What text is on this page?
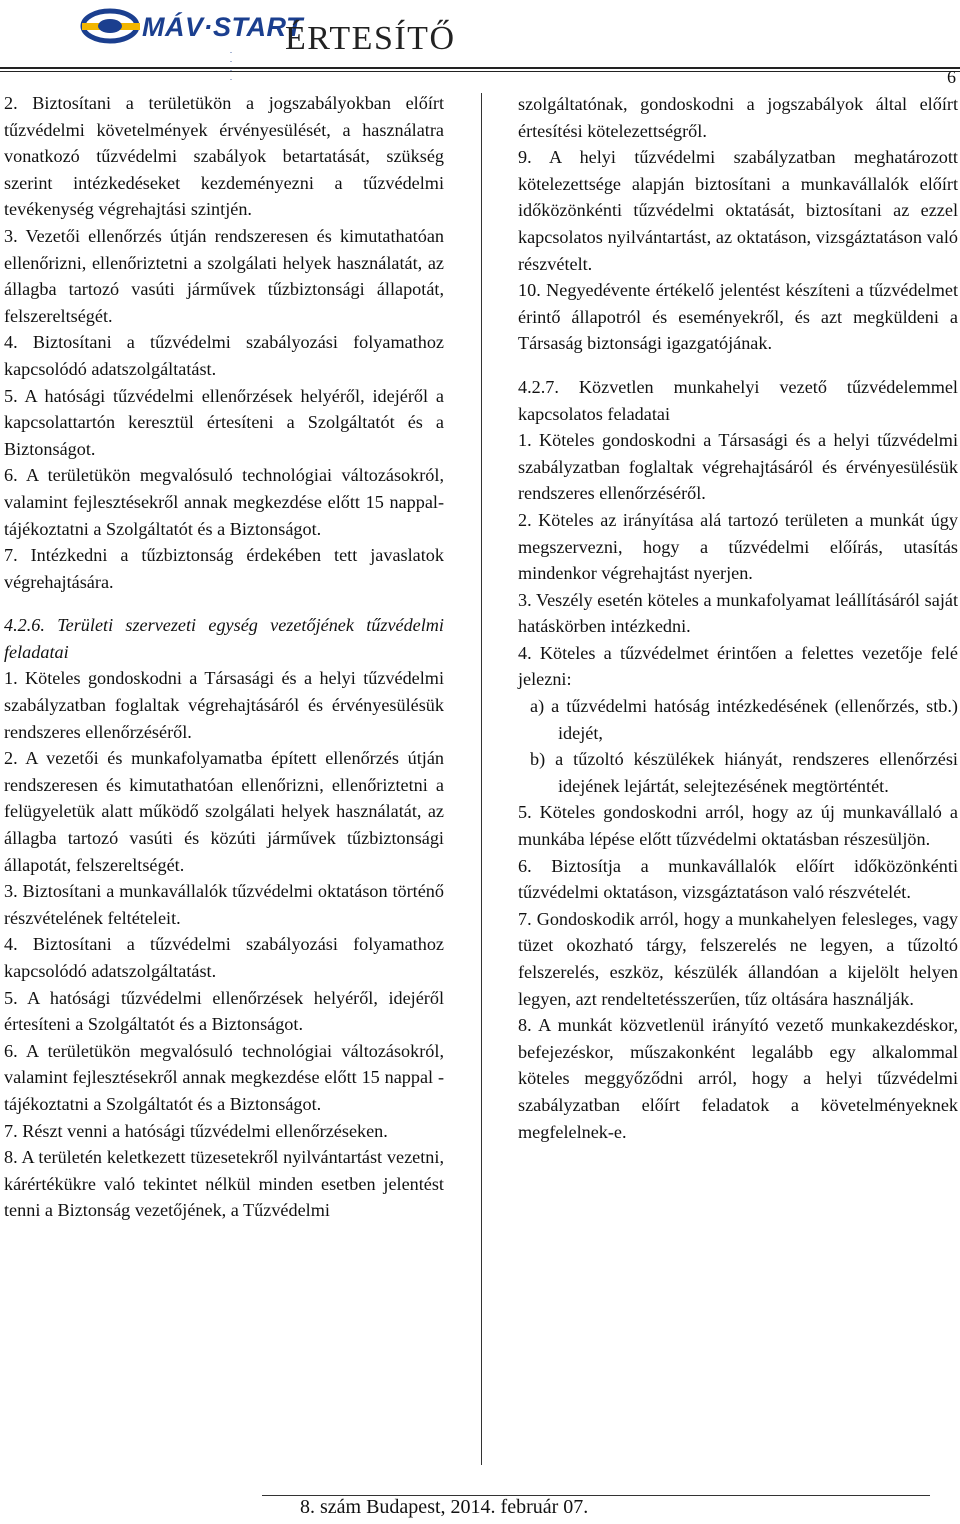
MÁV·START
. . . .
ÉRTESÍTŐ
6

2. Biztosítani a területükön a jogszabályokban előírt tűzvédelmi követelmények érvényesülését, a használatra vonatkozó tűzvédelmi szabályok betartatását, szükség szerint intézkedéseket kezdeményezni a tűzvédelmi tevékenység végrehajtási szintjén.

3. Vezetői ellenőrzés útján rendszeresen és kimutathatóan ellenőrizni, ellenőriztetni a szolgálati helyek használatát, az állagba tartozó vasúti járművek tűzbiztonsági állapotát, felszereltségét.

4. Biztosítani a tűzvédelmi szabályozási folyamathoz kapcsolódó adatszolgáltatást.

5. A hatósági tűzvédelmi ellenőrzések helyéről, idejéről a kapcsolattartón keresztül értesíteni a Szolgáltatót és a Biztonságot.

6. A területükön megvalósuló technológiai változásokról, valamint fejlesztésekről annak megkezdése előtt 15 nappal- tájékoztatni a Szolgáltatót és a Biztonságot.

7. Intézkedni a tűzbiztonság érdekében tett javaslatok végrehajtására.

4.2.6. Területi szervezeti egység vezetőjének tűzvédelmi feladatai

1. Köteles gondoskodni a Társasági és a helyi tűzvédelmi szabályzatban foglaltak végrehajtásáról és érvényesülésük rendszeres ellenőrzéséről.

2. A vezetői és munkafolyamatba épített ellenőrzés útján rendszeresen és kimutathatóan ellenőrizni, ellenőriztetni a felügyeletük alatt működő szolgálati helyek használatát, az állagba tartozó vasúti és közúti járművek tűzbiztonsági állapotát, felszereltségét.

3. Biztosítani a munkavállalók tűzvédelmi oktatáson történő részvételének feltételeit.

4. Biztosítani a tűzvédelmi szabályozási folyamathoz kapcsolódó adatszolgáltatást.

5. A hatósági tűzvédelmi ellenőrzések helyéről, idejéről értesíteni a Szolgáltatót és a Biztonságot.

6. A területükön megvalósuló technológiai változásokról, valamint fejlesztésekről annak megkezdése előtt 15 nappal - tájékoztatni a Szolgáltatót és a Biztonságot.

7. Részt venni a hatósági tűzvédelmi ellenőrzéseken.

8. A területén keletkezett tüzesetekről nyilvántartást vezetni, kárértékükre való tekintet nélkül minden esetben jelentést tenni a Biztonság vezetőjének, a Tűzvédelmi

szolgáltatónak, gondoskodni a jogszabályok által előírt értesítési kötelezettségről.

9. A helyi tűzvédelmi szabályzatban meghatározott kötelezettsége alapján biztosítani a munkavállalók előírt időközönkénti tűzvédelmi oktatását, biztosítani az ezzel kapcsolatos nyilvántartást, az oktatáson, vizsgáztatáson való részvételt.

10. Negyedévente értékelő jelentést készíteni a tűzvédelmet érintő állapotról és eseményekről, és azt megküldeni a Társaság biztonsági igazgatójának.

4.2.7. Közvetlen munkahelyi vezető tűzvédelemmel kapcsolatos feladatai

1. Köteles gondoskodni a Társasági és a helyi tűzvédelmi szabályzatban foglaltak végrehajtásáról és érvényesülésük rendszeres ellenőrzéséről.

2. Köteles az irányítása alá tartozó területen a munkát úgy megszervezni, hogy a tűzvédelmi előírás, utasítás mindenkor végrehajtást nyerjen.

3. Veszély esetén köteles a munkafolyamat leállításáról saját hatáskörben intézkedni.

4. Köteles a tűzvédelmet érintően a felettes vezetője felé jelezni:

a) a tűzvédelmi hatóság intézkedésének (ellenőrzés, stb.) idejét,

b) a tűzoltó készülékek hiányát, rendszeres ellenőrzési idejének lejártát, selejtezésének megtörténtét.

5. Köteles gondoskodni arról, hogy az új munkavállaló a munkába lépése előtt tűzvédelmi oktatásban részesüljön.

6. Biztosítja a munkavállalók előírt időközönkénti tűzvédelmi oktatáson, vizsgáztatáson való részvételét.

7. Gondoskodik arról, hogy a munkahelyen felesleges, vagy tüzet okozható tárgy, felszerelés ne legyen, a tűzoltó felszerelés, eszköz, készülék állandóan a kijelölt helyen legyen, azt rendeltetésszerűen, tűz oltására használják.

8. A munkát közvetlenül irányító vezető munkakezdéskor, befejezéskor, műszakonként legalább egy alkalommal köteles meggyőződni arról, hogy a helyi tűzvédelmi szabályzatban előírt feladatok a követelményeknek megfelelnek-e.

8. szám Budapest, 2014. február 07.
